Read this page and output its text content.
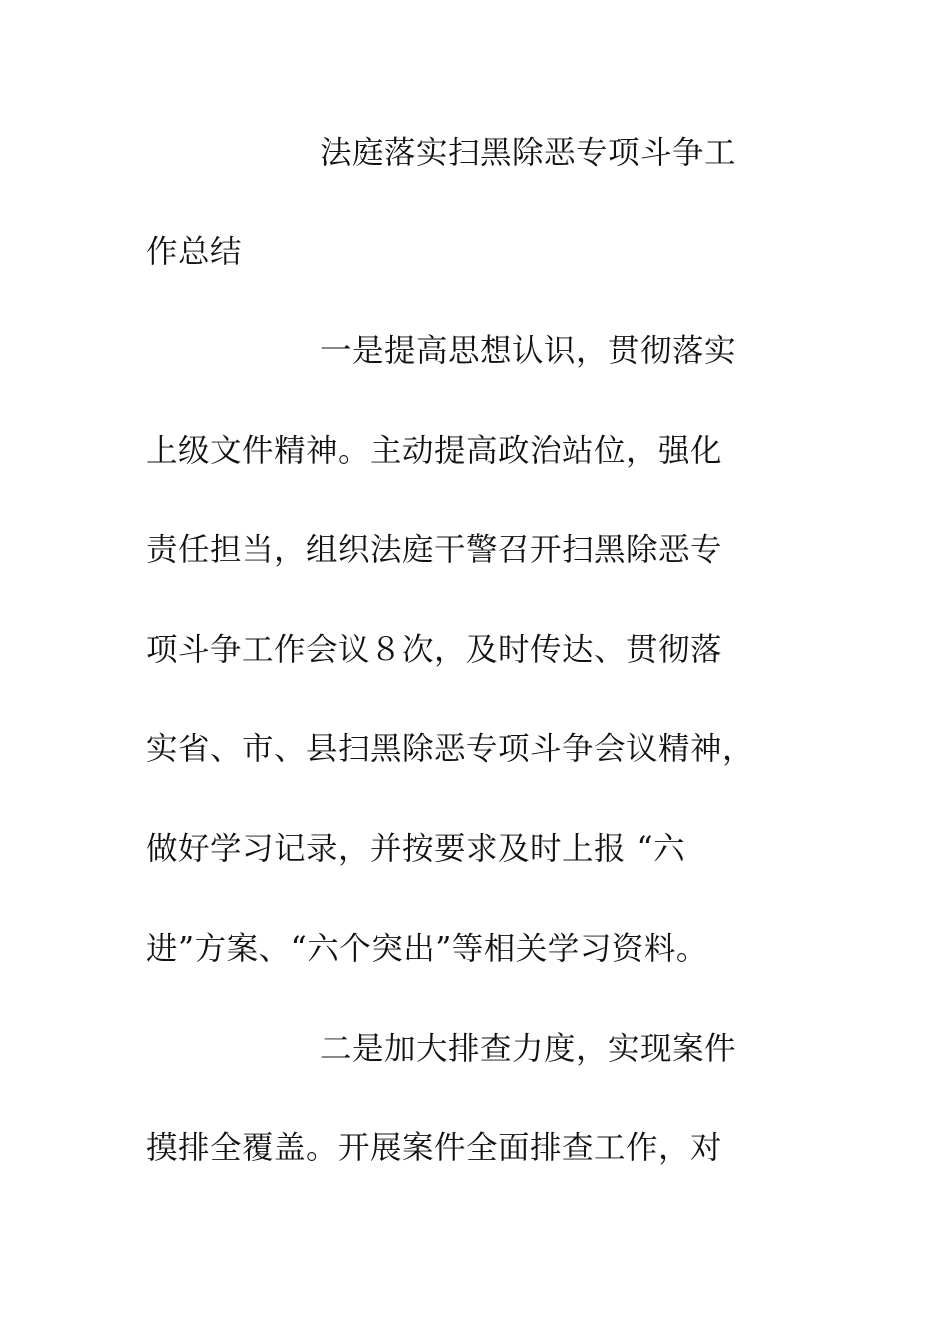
法庭落实扫黑除恶专项斗争工
作总结
一是提高思想认识，贯彻落实
上级文件精神。主动提高政治站位，强化
责任担当，组织法庭干警召开扫黑除恶专
项斗争工作会议８次，及时传达、贯彻落
实省、市、县扫黑除恶专项斗争会议精神，
做好学习记录，并按要求及时上报 “六
进”方案、“六个突出”等相关学习资料。
二是加大排查力度，实现案件
摸排全覆盖。开展案件全面排查工作，对
